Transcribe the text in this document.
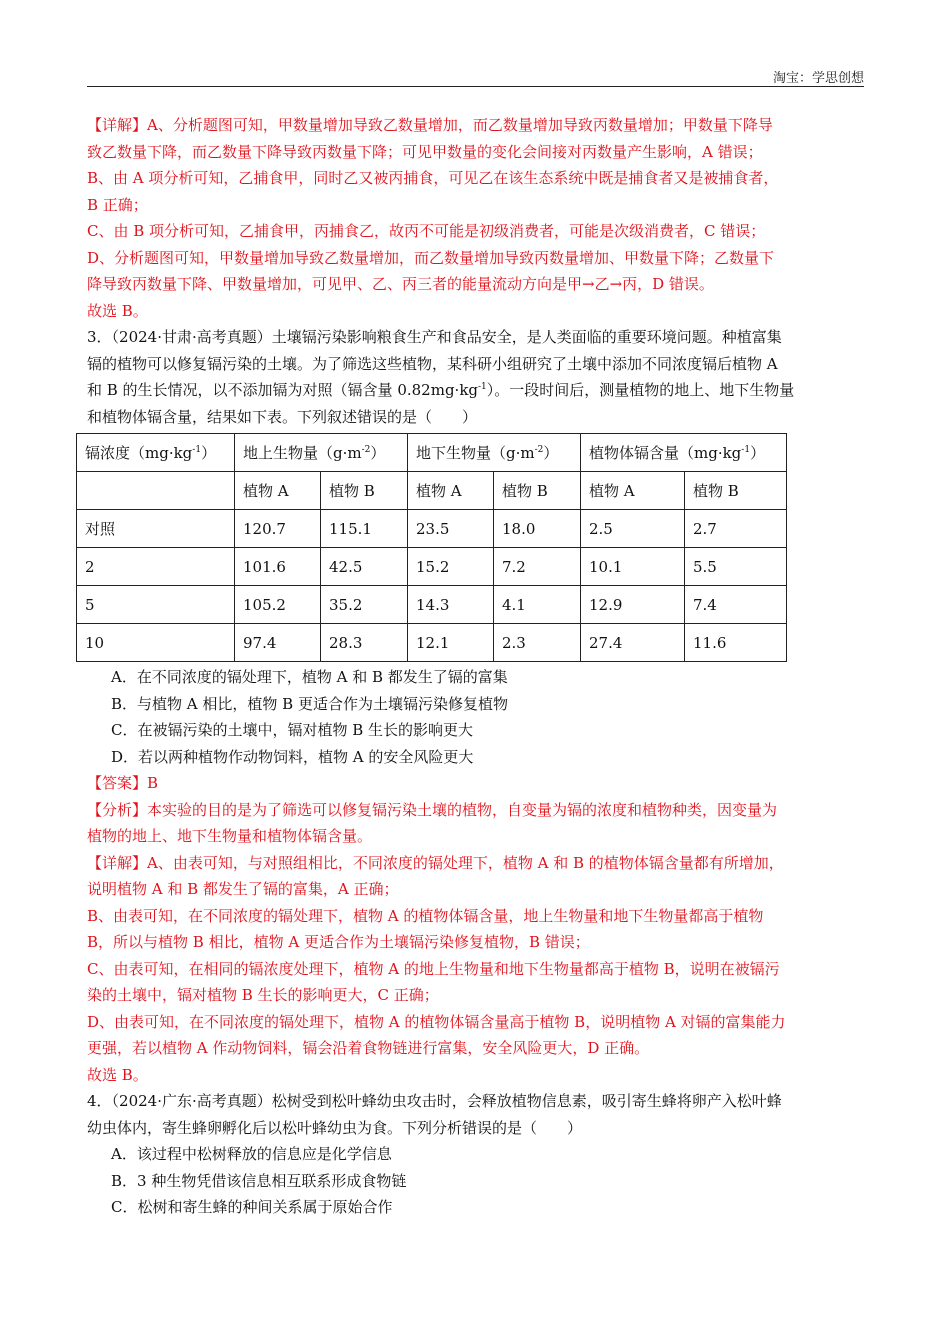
淘宝：学思创想

【详解】A、分析题图可知，甲数量增加导致乙数量增加，而乙数量增加导致丙数量增加；甲数量下降导

致乙数量下降，而乙数量下降导致丙数量下降；可见甲数量的变化会间接对丙数量产生影响，A 错误；

B、由 A 项分析可知，乙捕食甲，同时乙又被丙捕食，可见乙在该生态系统中既是捕食者又是被捕食者，

B 正确；

C、由 B 项分析可知，乙捕食甲，丙捕食乙，故丙不可能是初级消费者，可能是次级消费者，C 错误；

D、分析题图可知，甲数量增加导致乙数量增加，而乙数量增加导致丙数量增加、甲数量下降；乙数量下

降导致丙数量下降、甲数量增加，可见甲、乙、丙三者的能量流动方向是甲→乙→丙，D 错误。

故选 B。

3．（2024·甘肃·高考真题）土壤镉污染影响粮食生产和食品安全，是人类面临的重要环境问题。种植富集

镉的植物可以修复镉污染的土壤。为了筛选这些植物，某科研小组研究了土壤中添加不同浓度镉后植物 A

和 B 的生长情况，以不添加镉为对照（镉含量 $0.82mg\cdot kg^{-1}$）。一段时间后，测量植物的地上、地下生物量

和植物体镉含量，结果如下表。下列叙述错误的是（　　）

镉浓度$(mg\cdot kg^{-1})$	地上生物量$(g\cdot m^{-2})$		地下生物量$(g\cdot m^{-2})$		植物体镉含量$(mg\cdot kg^{-1})$	
	植物 A	植物 B	植物 A	植物 B	植物 A	植物 B
对照	120.7	115.1	23.5	18.0	2.5	2.7
2	101.6	42.5	15.2	7.2	10.1	5.5
5	105.2	35.2	14.3	4.1	12.9	7.4
10	97.4	28.3	12.1	2.3	27.4	11.6

A．在不同浓度的镉处理下，植物 A 和 B 都发生了镉的富集

B．与植物 A 相比，植物 B 更适合作为土壤镉污染修复植物

C．在被镉污染的土壤中，镉对植物 B 生长的影响更大

D．若以两种植物作动物饲料，植物 A 的安全风险更大

【答案】B

【分析】本实验的目的是为了筛选可以修复镉污染土壤的植物，自变量为镉的浓度和植物种类，因变量为

植物的地上、地下生物量和植物体镉含量。

【详解】A、由表可知，与对照组相比，不同浓度的镉处理下，植物 A 和 B 的植物体镉含量都有所增加，

说明植物 A 和 B 都发生了镉的富集，A 正确；

B、由表可知，在不同浓度的镉处理下，植物 A 的植物体镉含量，地上生物量和地下生物量都高于植物

B，所以与植物 B 相比，植物 A 更适合作为土壤镉污染修复植物，B 错误；

C、由表可知，在相同的镉浓度处理下，植物 A 的地上生物量和地下生物量都高于植物 B，说明在被镉污

染的土壤中，镉对植物 B 生长的影响更大，C 正确；

D、由表可知，在不同浓度的镉处理下，植物 A 的植物体镉含量高于植物 B，说明植物 A 对镉的富集能力

更强，若以植物 A 作动物饲料，镉会沿着食物链进行富集，安全风险更大，D 正确。

故选 B。

4．（2024·广东·高考真题）松树受到松叶蜂幼虫攻击时，会释放植物信息素，吸引寄生蜂将卵产入松叶蜂

幼虫体内，寄生蜂卵孵化后以松叶蜂幼虫为食。下列分析错误的是（　　）

A．该过程中松树释放的信息应是化学信息

B．3 种生物凭借该信息相互联系形成食物链

C．松树和寄生蜂的种间关系属于原始合作
